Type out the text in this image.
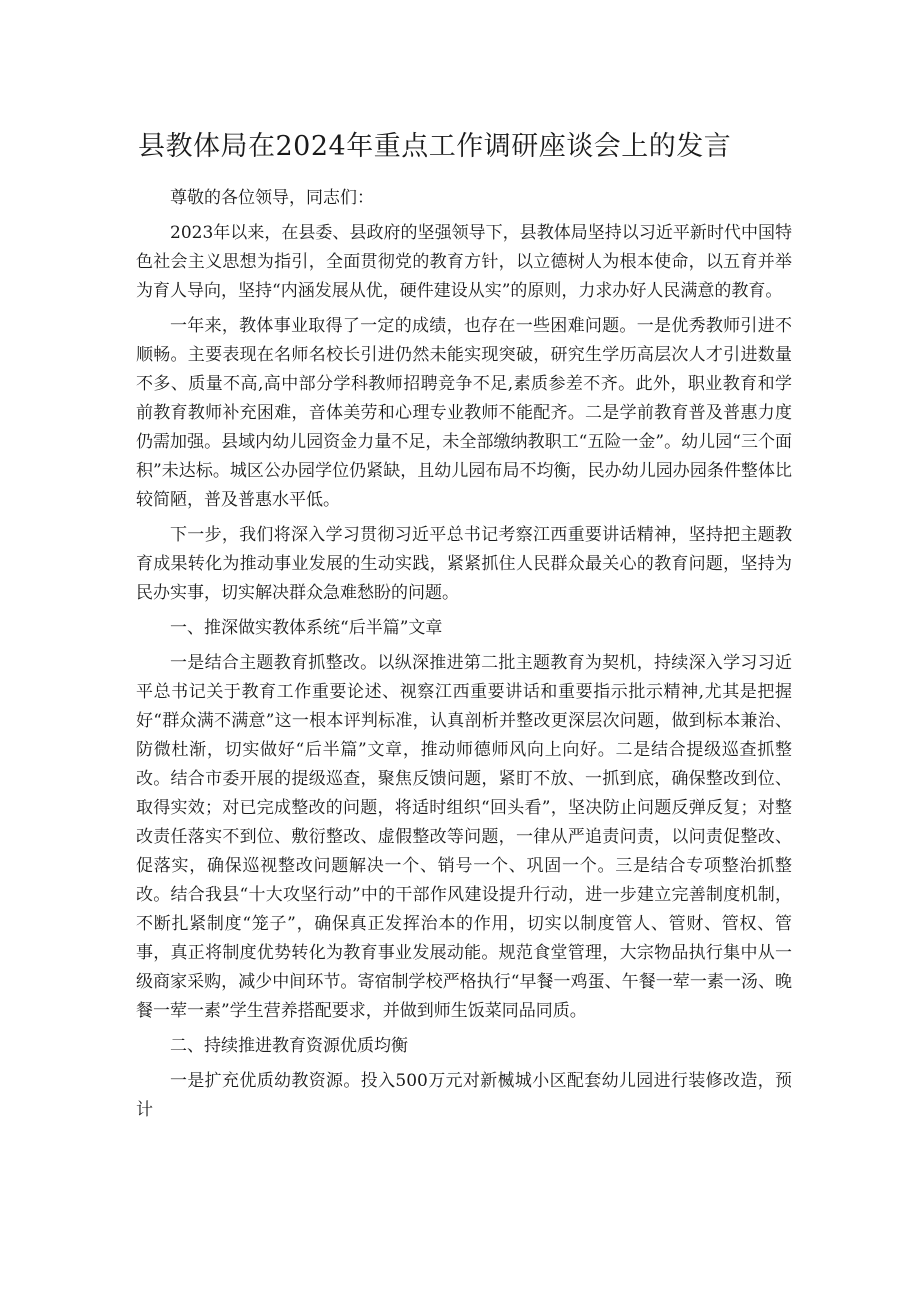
县教体局在2024年重点工作调研座谈会上的发言

尊敬的各位领导，同志们：

2023年以来，在县委、县政府的坚强领导下，县教体局坚持以习近平新时代中国特色社会主义思想为指引，全面贯彻党的教育方针，以立德树人为根本使命，以五育并举为育人导向，坚持“内涵发展从优，硬件建设从实”的原则，力求办好人民满意的教育。

一年来，教体事业取得了一定的成绩，也存在一些困难问题。一是优秀教师引进不顺畅。主要表现在名师名校长引进仍然未能实现突破，研究生学历高层次人才引进数量不多、质量不高,高中部分学科教师招聘竞争不足,素质参差不齐。此外，职业教育和学前教育教师补充困难，音体美劳和心理专业教师不能配齐。二是学前教育普及普惠力度仍需加强。县域内幼儿园资金力量不足，未全部缴纳教职工“五险一金”。幼儿园“三个面积”未达标。城区公办园学位仍紧缺，且幼儿园布局不均衡，民办幼儿园办园条件整体比较简陋，普及普惠水平低。

下一步，我们将深入学习贯彻习近平总书记考察江西重要讲话精神，坚持把主题教育成果转化为推动事业发展的生动实践，紧紧抓住人民群众最关心的教育问题，坚持为民办实事，切实解决群众急难愁盼的问题。

一、推深做实教体系统“后半篇”文章

一是结合主题教育抓整改。以纵深推进第二批主题教育为契机，持续深入学习习近平总书记关于教育工作重要论述、视察江西重要讲话和重要指示批示精神,尤其是把握好“群众满不满意”这一根本评判标准，认真剖析并整改更深层次问题，做到标本兼治、防微杜渐，切实做好“后半篇”文章，推动师德师风向上向好。二是结合提级巡查抓整改。结合市委开展的提级巡查，聚焦反馈问题，紧盯不放、一抓到底，确保整改到位、取得实效；对已完成整改的问题，将适时组织“回头看”，坚决防止问题反弹反复；对整改责任落实不到位、敷衍整改、虚假整改等问题，一律从严追责问责，以问责促整改、促落实，确保巡视整改问题解决一个、销号一个、巩固一个。三是结合专项整治抓整改。结合我县“十大攻坚行动”中的干部作风建设提升行动，进一步建立完善制度机制，不断扎紧制度“笼子”，确保真正发挥治本的作用，切实以制度管人、管财、管权、管事，真正将制度优势转化为教育事业发展动能。规范食堂管理，大宗物品执行集中从一级商家采购，减少中间环节。寄宿制学校严格执行“早餐一鸡蛋、午餐一荤一素一汤、晚餐一荤一素”学生营养搭配要求，并做到师生饭菜同品同质。

二、持续推进教育资源优质均衡

一是扩充优质幼教资源。投入500万元对新楲城小区配套幼儿园进行装修改造，预计
